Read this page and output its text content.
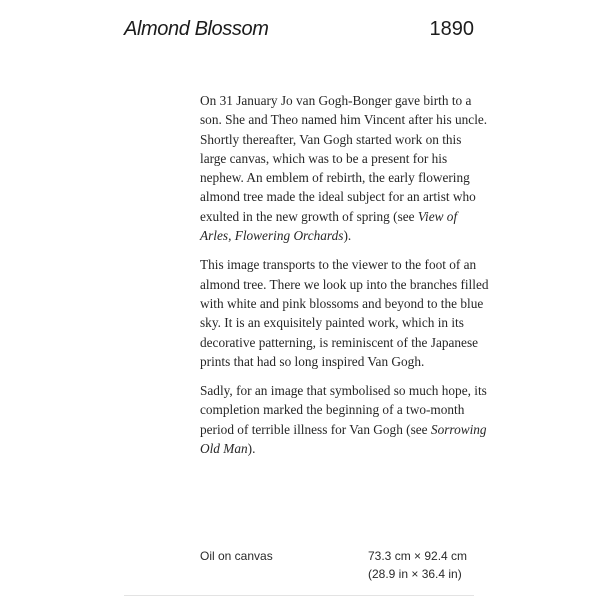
Almond Blossom	1890

On 31 January Jo van Gogh-Bonger gave birth to a son. She and Theo named him Vincent after his uncle. Shortly thereafter, Van Gogh started work on this large canvas, which was to be a present for his nephew. An emblem of rebirth, the early flowering almond tree made the ideal subject for an artist who exulted in the new growth of spring (see View of Arles, Flowering Orchards).

This image transports to the viewer to the foot of an almond tree. There we look up into the branches filled with white and pink blossoms and beyond to the blue sky. It is an exquisitely painted work, which in its decorative patterning, is reminiscent of the Japanese prints that had so long inspired Van Gogh.

Sadly, for an image that symbolised so much hope, its completion marked the beginning of a two-month period of terrible illness for Van Gogh (see Sorrowing Old Man).

Oil on canvas	73.3 cm × 92.4 cm
(28.9 in × 36.4 in)
